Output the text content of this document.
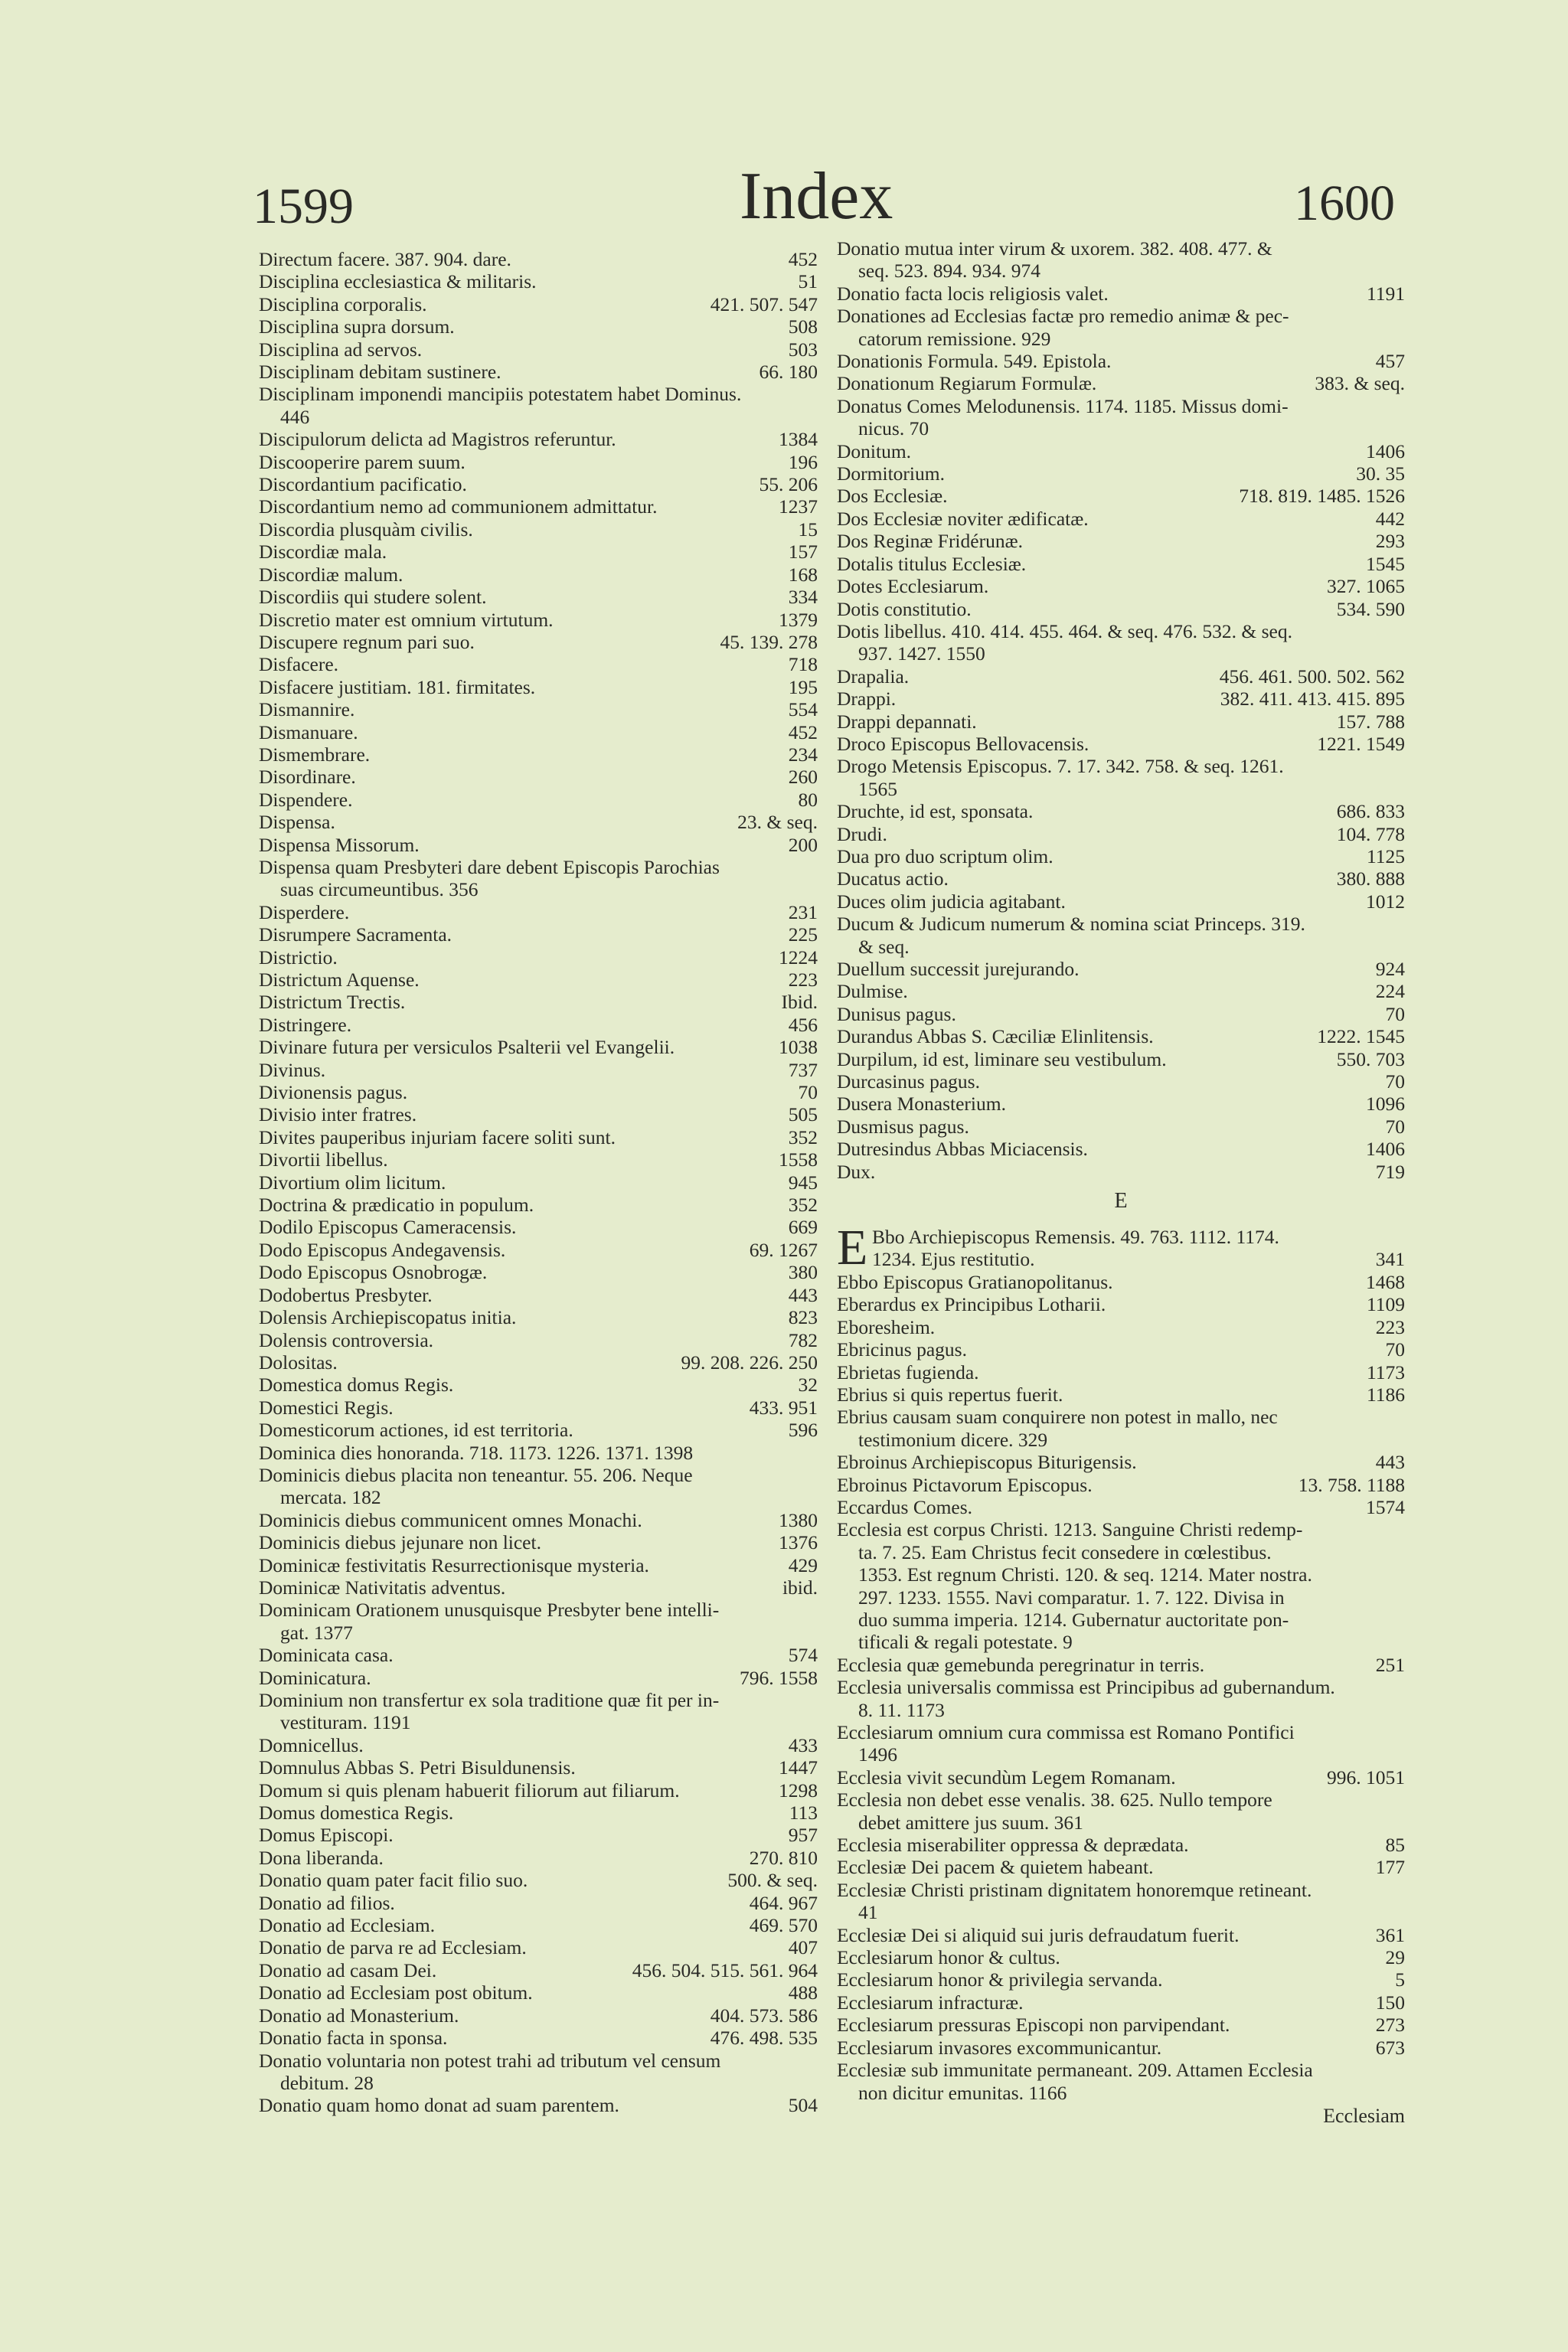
1599	Index	1600
Directum facere. 387. 904. dare.	452
Disciplina ecclesiastica & militaris.	51
Disciplina corporalis.	421. 507. 547
Disciplina supra dorsum.	508
Disciplina ad servos.	503
Disciplinam debitam sustinere.	66. 180
Disciplinam imponendi mancipiis potestatem habet Dominus.
446
Discipulorum delicta ad Magistros referuntur.	1384
Discooperire parem suum.	196
Discordantium pacificatio.	55. 206
Discordantium nemo ad communionem admittatur.	1237
Discordia plusquàm civilis.	15
Discordiæ mala.	157
Discordiæ malum.	168
Discordiis qui studere solent.	334
Discretio mater est omnium virtutum.	1379
Discupere regnum pari suo.	45. 139. 278
Disfacere.	718
Disfacere justitiam. 181. firmitates.	195
Dismannire.	554
Dismanuare.	452
Dismembrare.	234
Disordinare.	260
Dispendere.	80
Dispensa.	23. & seq.
Dispensa Missorum.	200
Dispensa quam Presbyteri dare debent Episcopis Parochias
suas circumeuntibus. 356
Disperdere.	231
Disrumpere Sacramenta.	225
Districtio.	1224
Districtum Aquense.	223
Districtum Trectis.	Ibid.
Distringere.	456
Divinare futura per versiculos Psalterii vel Evangelii.	1038
Divinus.	737
Divionensis pagus.	70
Divisio inter fratres.	505
Divites pauperibus injuriam facere soliti sunt.	352
Divortii libellus.	1558
Divortium olim licitum.	945
Doctrina & prædicatio in populum.	352
Dodilo Episcopus Cameracensis.	669
Dodo Episcopus Andegavensis.	69. 1267
Dodo Episcopus Osnobrogæ.	380
Dodobertus Presbyter.	443
Dolensis Archiepiscopatus initia.	823
Dolensis controversia.	782
Dolositas.	99. 208. 226. 250
Domestica domus Regis.	32
Domestici Regis.	433. 951
Domesticorum actiones, id est territoria.	596
Dominica dies honoranda. 718. 1173. 1226. 1371. 1398
Dominicis diebus placita non teneantur. 55. 206. Neque
mercata. 182
Dominicis diebus communicent omnes Monachi.	1380
Dominicis diebus jejunare non licet.	1376
Dominicæ festivitatis Resurrectionisque mysteria.	429
Dominicæ Nativitatis adventus.	ibid.
Dominicam Orationem unusquisque Presbyter bene intelli-
gat. 1377
Dominicata casa.	574
Dominicatura.	796. 1558
Dominium non transfertur ex sola traditione quæ fit per in-
vestituram. 1191
Domnicellus.	433
Domnulus Abbas S. Petri Bisuldunensis.	1447
Domum si quis plenam habuerit filiorum aut filiarum.	1298
Domus domestica Regis.	113
Domus Episcopi.	957
Dona liberanda.	270. 810
Donatio quam pater facit filio suo.	500. & seq.
Donatio ad filios.	464. 967
Donatio ad Ecclesiam.	469. 570
Donatio de parva re ad Ecclesiam.	407
Donatio ad casam Dei.	456. 504. 515. 561. 964
Donatio ad Ecclesiam post obitum.	488
Donatio ad Monasterium.	404. 573. 586
Donatio facta in sponsa.	476. 498. 535
Donatio voluntaria non potest trahi ad tributum vel censum
debitum. 28
Donatio quam homo donat ad suam parentem.	504
Donatio mutua inter virum & uxorem. 382. 408. 477. &
seq. 523. 894. 934. 974
Donatio facta locis religiosis valet.	1191
Donationes ad Ecclesias factæ pro remedio animæ & pec-
catorum remissione. 929
Donationis Formula. 549. Epistola.	457
Donationum Regiarum Formulæ.	383. & seq.
Donatus Comes Melodunensis. 1174. 1185. Missus domi-
nicus. 70
Donitum.	1406
Dormitorium.	30. 35
Dos Ecclesiæ.	718. 819. 1485. 1526
Dos Ecclesiæ noviter ædificatæ.	442
Dos Reginæ Fridérunæ.	293
Dotalis titulus Ecclesiæ.	1545
Dotes Ecclesiarum.	327. 1065
Dotis constitutio.	534. 590
Dotis libellus. 410. 414. 455. 464. & seq. 476. 532. & seq.
937. 1427. 1550
Drapalia.	456. 461. 500. 502. 562
Drappi.	382. 411. 413. 415. 895
Drappi depannati.	157. 788
Droco Episcopus Bellovacensis.	1221. 1549
Drogo Metensis Episcopus. 7. 17. 342. 758. & seq. 1261.
1565
Druchte, id est, sponsata.	686. 833
Drudi.	104. 778
Dua pro duo scriptum olim.	1125
Ducatus actio.	380. 888
Duces olim judicia agitabant.	1012
Ducum & Judicum numerum & nomina sciat Princeps. 319.
& seq.
Duellum successit jurejurando.	924
Dulmise.	224
Dunisus pagus.	70
Durandus Abbas S. Cæciliæ Elinlitensis.	1222. 1545
Durpilum, id est, liminare seu vestibulum.	550. 703
Durcasinus pagus.	70
Dusera Monasterium.	1096
Dusmisus pagus.	70
Dutresindus Abbas Miciacensis.	1406
Dux.	719
E
E Bbo Archiepiscopus Remensis. 49. 763. 1112. 1174.
1234. Ejus restitutio.	341
Ebbo Episcopus Gratianopolitanus.	1468
Eberardus ex Principibus Lotharii.	1109
Eboresheim.	223
Ebricinus pagus.	70
Ebrietas fugienda.	1173
Ebrius si quis repertus fuerit.	1186
Ebrius causam suam conquirere non potest in mallo, nec
testimonium dicere. 329
Ebroinus Archiepiscopus Biturigensis.	443
Ebroinus Pictavorum Episcopus.	13. 758. 1188
Eccardus Comes.	1574
Ecclesia est corpus Christi. 1213. Sanguine Christi redemp-
ta. 7. 25. Eam Christus fecit consedere in cœlestibus.
1353. Est regnum Christi. 120. & seq. 1214. Mater nostra.
297. 1233. 1555. Navi comparatur. 1. 7. 122. Divisa in
duo summa imperia. 1214. Gubernatur auctoritate pon-
tificali & regali potestate. 9
Ecclesia quæ gemebunda peregrinatur in terris.	251
Ecclesia universalis commissa est Principibus ad gubernandum.
8. 11. 1173
Ecclesiarum omnium cura commissa est Romano Pontifici
1496
Ecclesia vivit secundùm Legem Romanam.	996. 1051
Ecclesia non debet esse venalis. 38. 625. Nullo tempore
debet amittere jus suum. 361
Ecclesia miserabiliter oppressa & deprædata.	85
Ecclesiæ Dei pacem & quietem habeant.	177
Ecclesiæ Christi pristinam dignitatem honoremque retineant.
41
Ecclesiæ Dei si aliquid sui juris defraudatum fuerit.	361
Ecclesiarum honor & cultus.	29
Ecclesiarum honor & privilegia servanda.	5
Ecclesiarum infracturæ.	150
Ecclesiarum pressuras Episcopi non parvipendant.	273
Ecclesiarum invasores excommunicantur.	673
Ecclesiæ sub immunitate permaneant. 209. Attamen Ecclesia
non dicitur emunitas. 1166
Ecclesiam
